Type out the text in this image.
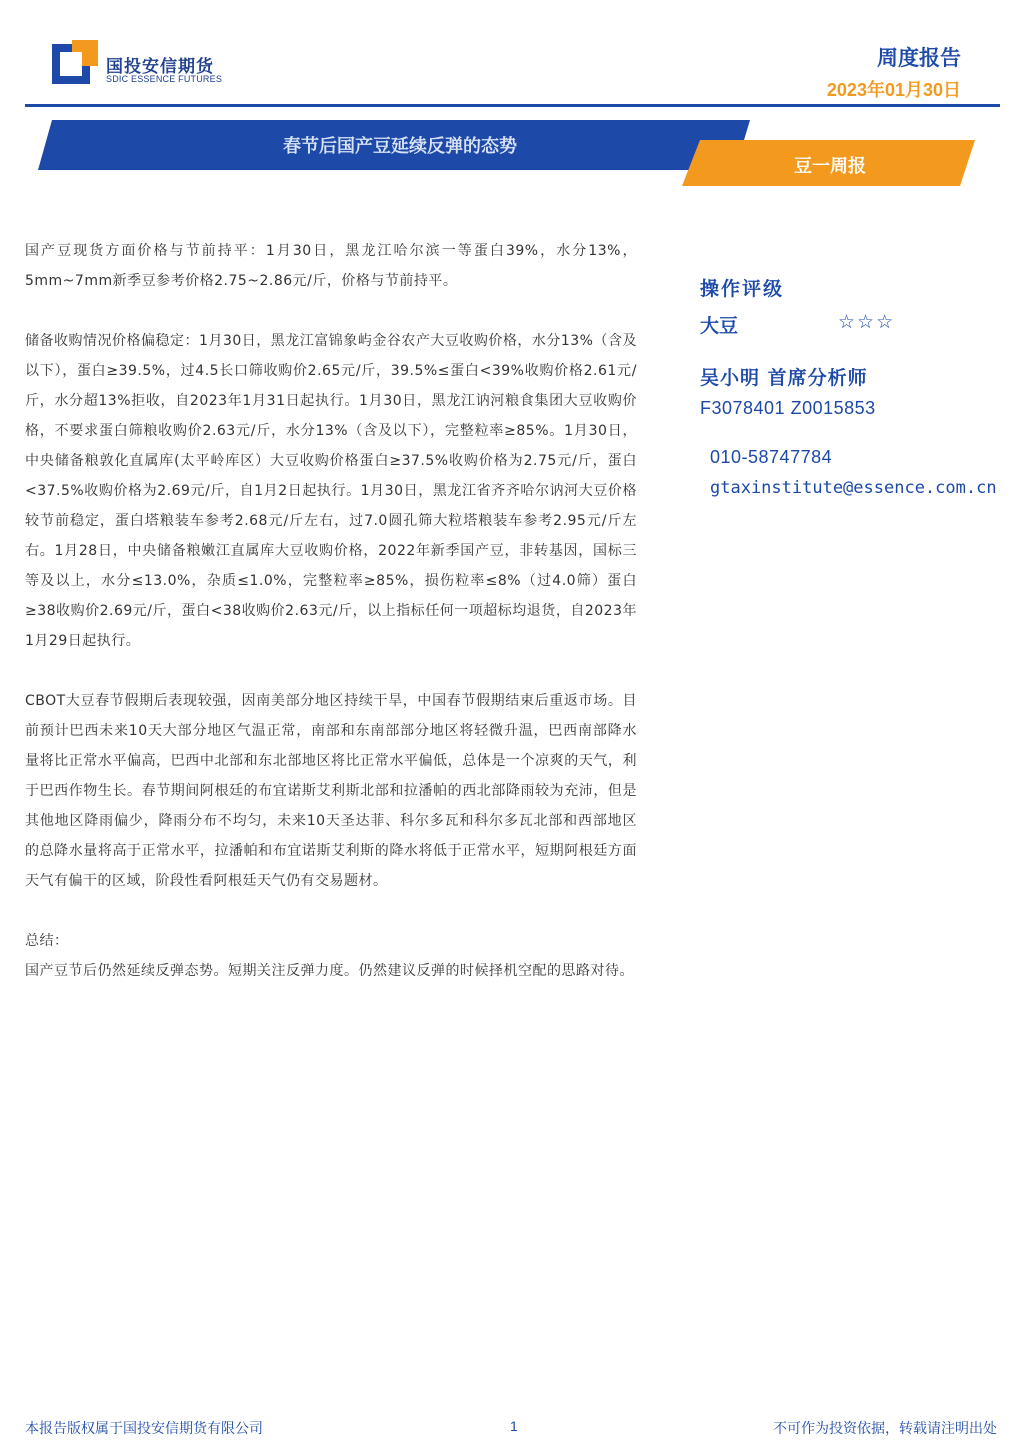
国投安信期货
SDIC ESSENCE FUTURES
周度报告
2023年01月30日
春节后国产豆延续反弹的态势
豆一周报

国产豆现货方面价格与节前持平：1月30日，黑龙江哈尔滨一等蛋白39%，水分13%，5mm~7mm新季豆参考价格2.75~2.86元/斤，价格与节前持平。

储备收购情况价格偏稳定：1月30日，黑龙江富锦象屿金谷农产大豆收购价格，水分13%（含及以下），蛋白≥39.5%，过4.5长口筛收购价2.65元/斤，39.5%≤蛋白<39%收购价格2.61元/斤，水分超13%拒收，自2023年1月31日起执行。1月30日，黑龙江讷河粮食集团大豆收购价格，不要求蛋白筛粮收购价2.63元/斤，水分13%（含及以下），完整粒率≥85%。1月30日，中央储备粮敦化直属库(太平岭库区）大豆收购价格蛋白≥37.5%收购价格为2.75元/斤，蛋白<37.5%收购价格为2.69元/斤，自1月2日起执行。1月30日，黑龙江省齐齐哈尔讷河大豆价格较节前稳定，蛋白塔粮装车参考2.68元/斤左右，过7.0圆孔筛大粒塔粮装车参考2.95元/斤左右。1月28日，中央储备粮嫩江直属库大豆收购价格，2022年新季国产豆，非转基因，国标三等及以上，水分≤13.0%，杂质≤1.0%，完整粒率≥85%，损伤粒率≤8%（过4.0筛）蛋白≥38收购价2.69元/斤，蛋白<38收购价2.63元/斤，以上指标任何一项超标均退货，自2023年1月29日起执行。

CBOT大豆春节假期后表现较强，因南美部分地区持续干旱，中国春节假期结束后重返市场。目前预计巴西未来10天大部分地区气温正常，南部和东南部部分地区将轻微升温，巴西南部降水量将比正常水平偏高，巴西中北部和东北部地区将比正常水平偏低，总体是一个凉爽的天气，利于巴西作物生长。春节期间阿根廷的布宜诺斯艾利斯北部和拉潘帕的西北部降雨较为充沛，但是其他地区降雨偏少，降雨分布不均匀，未来10天圣达菲、科尔多瓦和科尔多瓦北部和西部地区的总降水量将高于正常水平，拉潘帕和布宜诺斯艾利斯的降水将低于正常水平，短期阿根廷方面天气有偏干的区域，阶段性看阿根廷天气仍有交易题材。

总结：

国产豆节后仍然延续反弹态势。短期关注反弹力度。仍然建议反弹的时候择机空配的思路对待。

操作评级
大豆	☆☆☆
吴小明 首席分析师
F3078401 Z0015853
010-58747784
gtaxinstitute@essence.com.cn
本报告版权属于国投安信期货有限公司	1	不可作为投资依据，转载请注明出处
